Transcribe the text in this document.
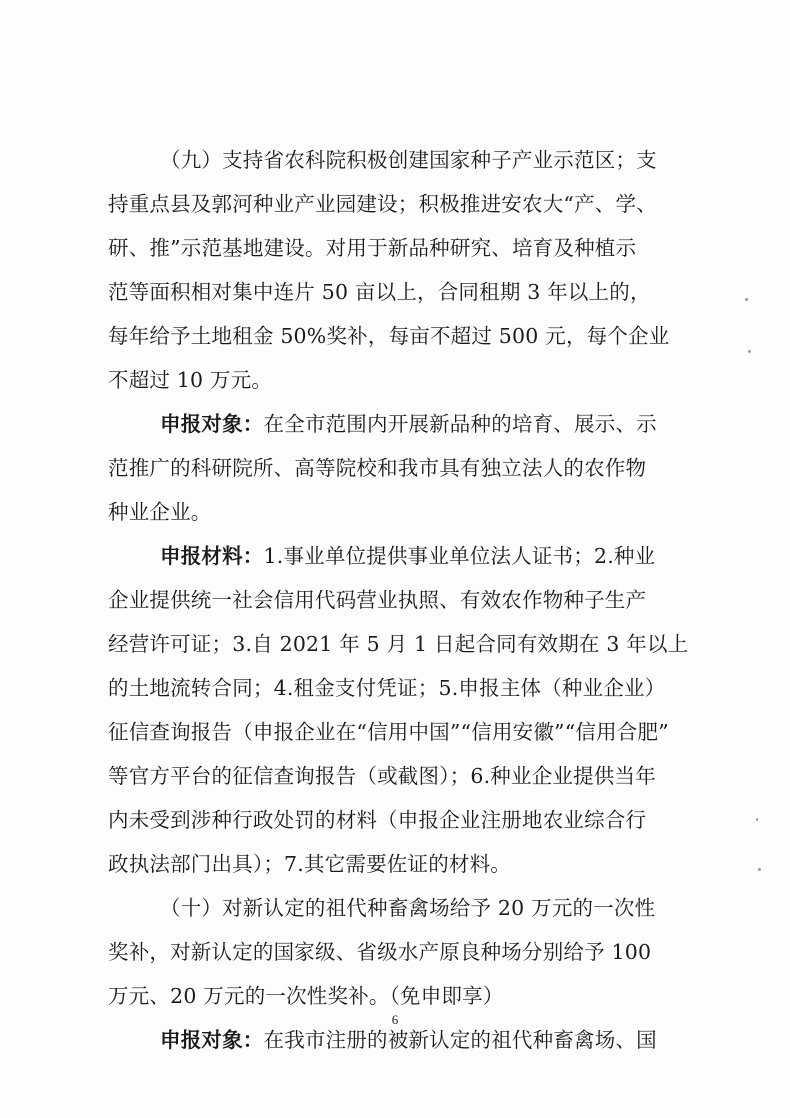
（九）支持省农科院积极创建国家种子产业示范区；支
持重点县及郭河种业产业园建设；积极推进安农大“产、学、
研、推”示范基地建设。对用于新品种研究、培育及种植示
范等面积相对集中连片 50 亩以上，合同租期 3 年以上的，
每年给予土地租金 50%奖补，每亩不超过 500 元，每个企业
不超过 10 万元。
申报对象：在全市范围内开展新品种的培育、展示、示
范推广的科研院所、高等院校和我市具有独立法人的农作物
种业企业。
申报材料：1.事业单位提供事业单位法人证书；2.种业
企业提供统一社会信用代码营业执照、有效农作物种子生产
经营许可证；3.自 2021 年 5 月 1 日起合同有效期在 3 年以上
的土地流转合同；4.租金支付凭证；5.申报主体（种业企业）
征信查询报告（申报企业在“信用中国”“信用安徽”“信用合肥”
等官方平台的征信查询报告（或截图）；6.种业企业提供当年
内未受到涉种行政处罚的材料（申报企业注册地农业综合行
政执法部门出具）；7.其它需要佐证的材料。
（十）对新认定的祖代种畜禽场给予 20 万元的一次性
奖补，对新认定的国家级、省级水产原良种场分别给予 100
万元、20 万元的一次性奖补。（免申即享）
申报对象：在我市注册的被新认定的祖代种畜禽场、国
6
